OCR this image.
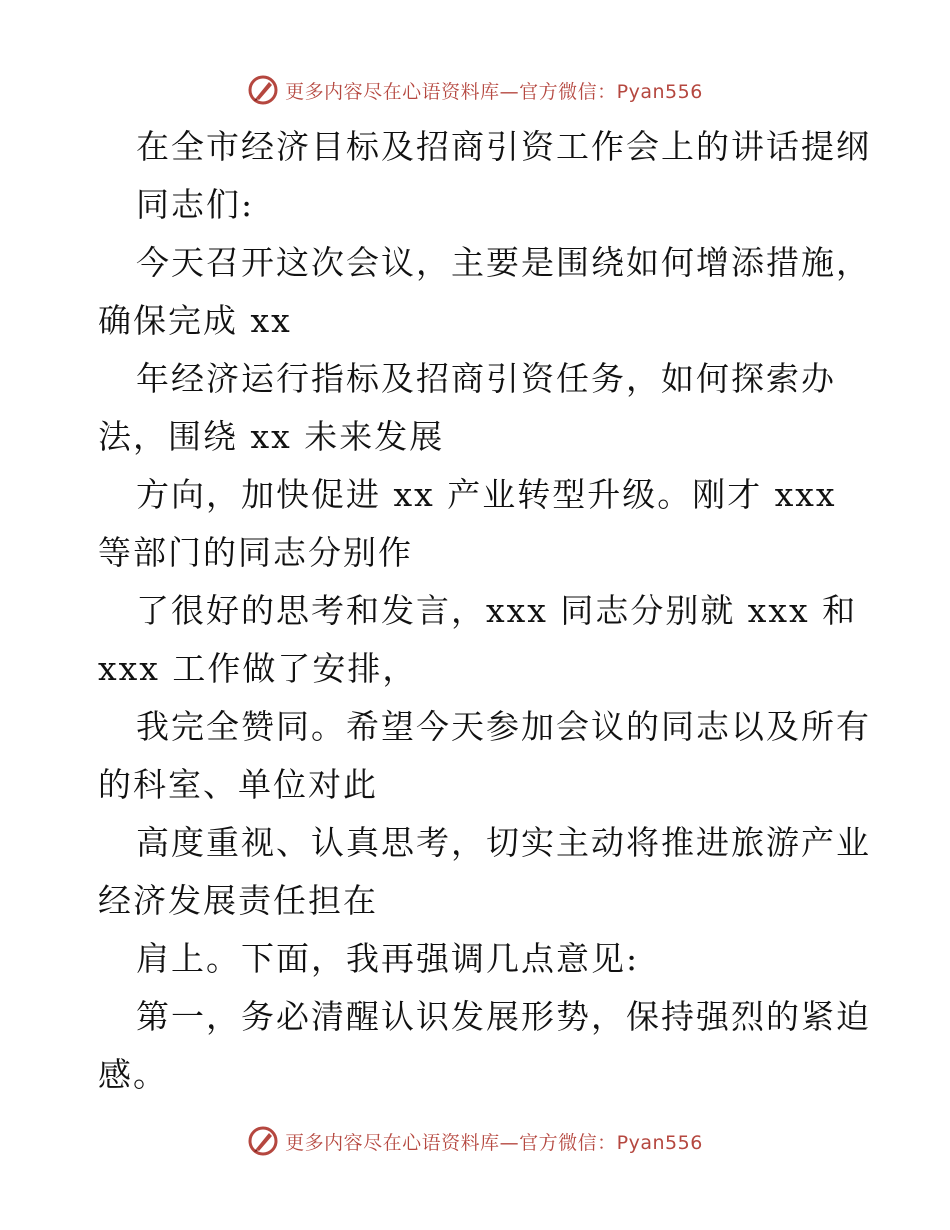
更多内容尽在心语资料库—官方微信：Pyan556
在全市经济目标及招商引资工作会上的讲话提纲
同志们:
今天召开这次会议，主要是围绕如何增添措施，
确保完成 xx
年经济运行指标及招商引资任务，如何探索办
法，围绕 xx 未来发展
方向，加快促进 xx 产业转型升级。刚才 xxx
等部门的同志分别作
了很好的思考和发言，xxx 同志分别就 xxx 和
xxx 工作做了安排，
我完全赞同。希望今天参加会议的同志以及所有
的科室、单位对此
高度重视、认真思考，切实主动将推进旅游产业
经济发展责任担在
肩上。下面，我再强调几点意见:
第一，务必清醒认识发展形势，保持强烈的紧迫
感。
更多内容尽在心语资料库—官方微信：Pyan556
